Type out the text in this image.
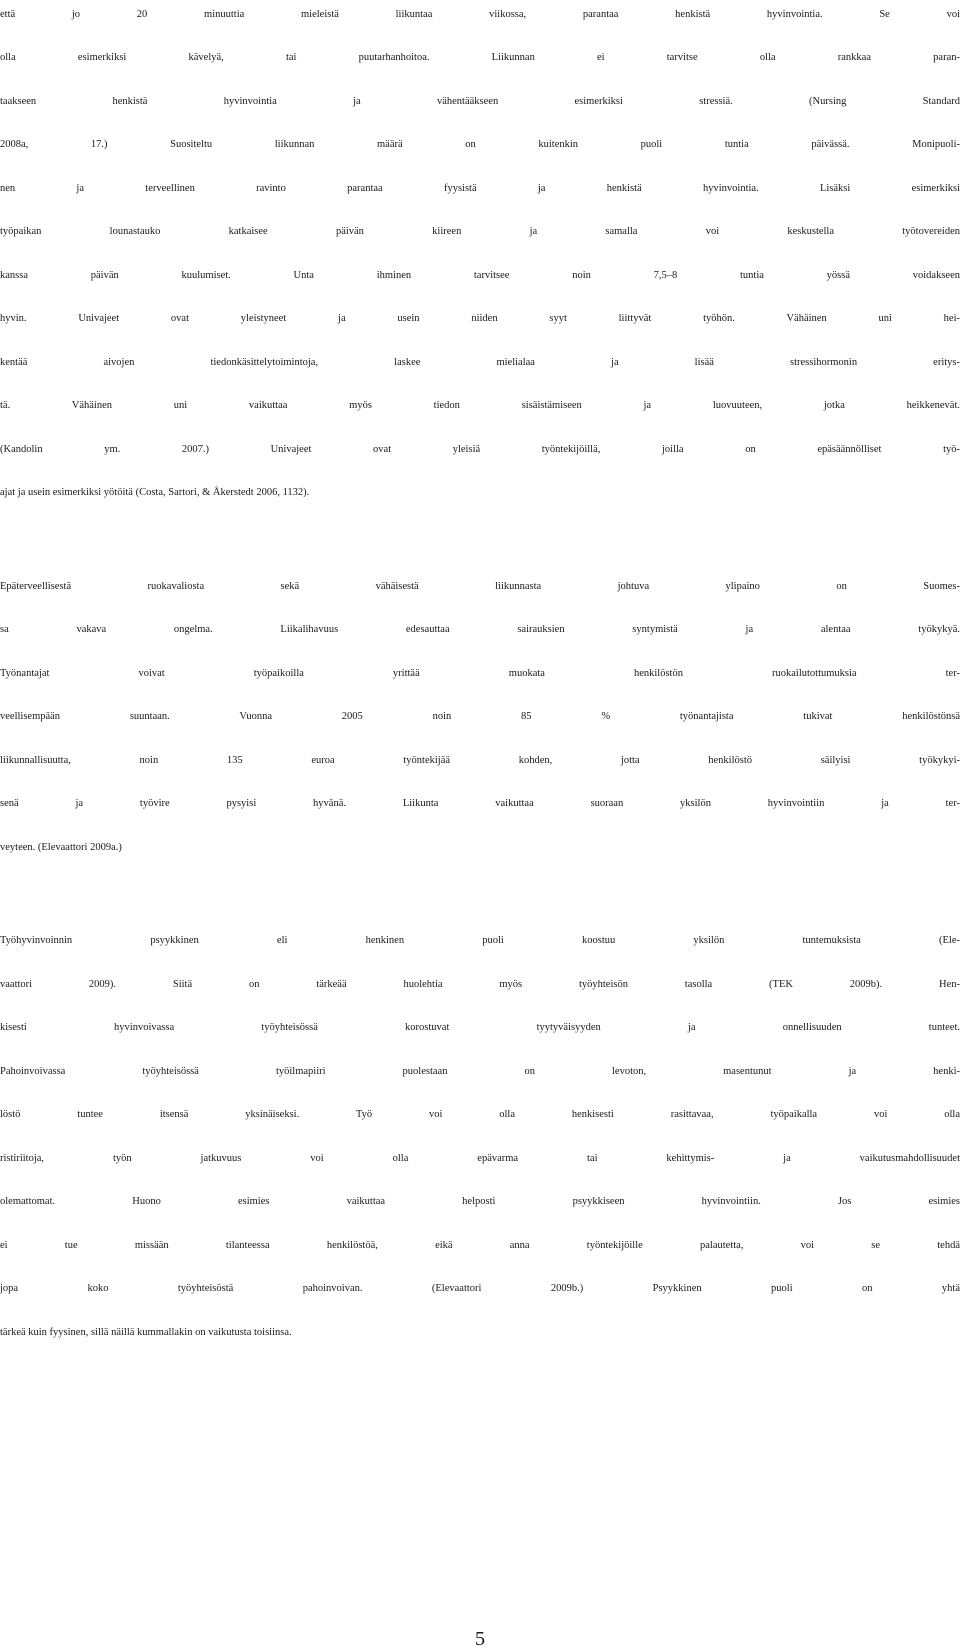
että jo 20 minuuttia mieleistä liikuntaa viikossa, parantaa henkistä hyvinvointia. Se voi
olla esimerkiksi kävelyä, tai puutarhanhoitoa. Liikunnan ei tarvitse olla rankkaa paran-
taakseen henkistä hyvinvointia ja vähentääkseen esimerkiksi stressiä. (Nursing Standard
2008a, 17.) Suositeltu liikunnan määrä on kuitenkin puoli tuntia päivässä. Monipuoli-
nen ja terveellinen ravinto parantaa fyysistä ja henkistä hyvinvointia. Lisäksi esimerkiksi
työpaikan lounastauko katkaisee päivän kiireen ja samalla voi keskustella työtovereiden
kanssa päivän kuulumiset. Unta ihminen tarvitsee noin 7,5–8 tuntia yössä voidakseen
hyvin. Univajeet ovat yleistyneet ja usein niiden syyt liittyvät työhön. Vähäinen uni hei-
kentää aivojen tiedonkäsittelytoimintoja, laskee mielialaa ja lisää stressihormonin eritys-
tä. Vähäinen uni vaikuttaa myös tiedon sisäistämiseen ja luovuuteen, jotka heikkenevät.
(Kandolin ym. 2007.) Univajeet ovat yleisiä työntekijöillä, joilla on epäsäännölliset työ-
ajat ja usein esimerkiksi yötöitä (Costa, Sartori, & Åkerstedt 2006, 1132).
Epäterveellisestä ruokavaliosta sekä vähäisestä liikunnasta johtuva ylipaino on Suomes-
sa vakava ongelma. Liikalihavuus edesauttaa sairauksien syntymistä ja alentaa työkykyä.
Työnantajat voivat työpaikoilla yrittää muokata henkilöstön ruokailutottumuksia ter-
veellisempään suuntaan. Vuonna 2005 noin 85 % työnantajista tukivat henkilöstönsä
liikunnallisuutta, noin 135 euroa työntekijää kohden, jotta henkilöstö säilyisi työkykyi-
senä ja työvire pysyisi hyvänä. Liikunta vaikuttaa suoraan yksilön hyvinvointiin ja ter-
veyteen. (Elevaattori 2009a.)
Työhyvinvoinnin psyykkinen eli henkinen puoli koostuu yksilön tuntemuksista (Ele-
vaattori 2009). Siitä on tärkeää huolehtia myös työyhteisön tasolla (TEK 2009b). Hen-
kisesti hyvinvoivassa työyhteisössä korostuvat tyytyväisyyden ja onnellisuuden tunteet.
Pahoinvoivassa työyhteisössä työilmapiiri puolestaan on levoton, masentunut ja henki-
löstö tuntee itsensä yksinäiseksi. Työ voi olla henkisesti rasittavaa, työpaikalla voi olla
ristiriitoja, työn jatkuvuus voi olla epävarma tai kehittymis- ja vaikutusmahdollisuudet
olemattomat. Huono esimies vaikuttaa helposti psyykkiseen hyvinvointiin. Jos esimies
ei tue missään tilanteessa henkilöstöä, eikä anna työntekijöille palautetta, voi se tehdä
jopa koko työyhteisöstä pahoinvoivan. (Elevaattori 2009b.) Psyykkinen puoli on yhtä
tärkeä kuin fyysinen, sillä näillä kummallakin on vaikutusta toisiinsa.
5
